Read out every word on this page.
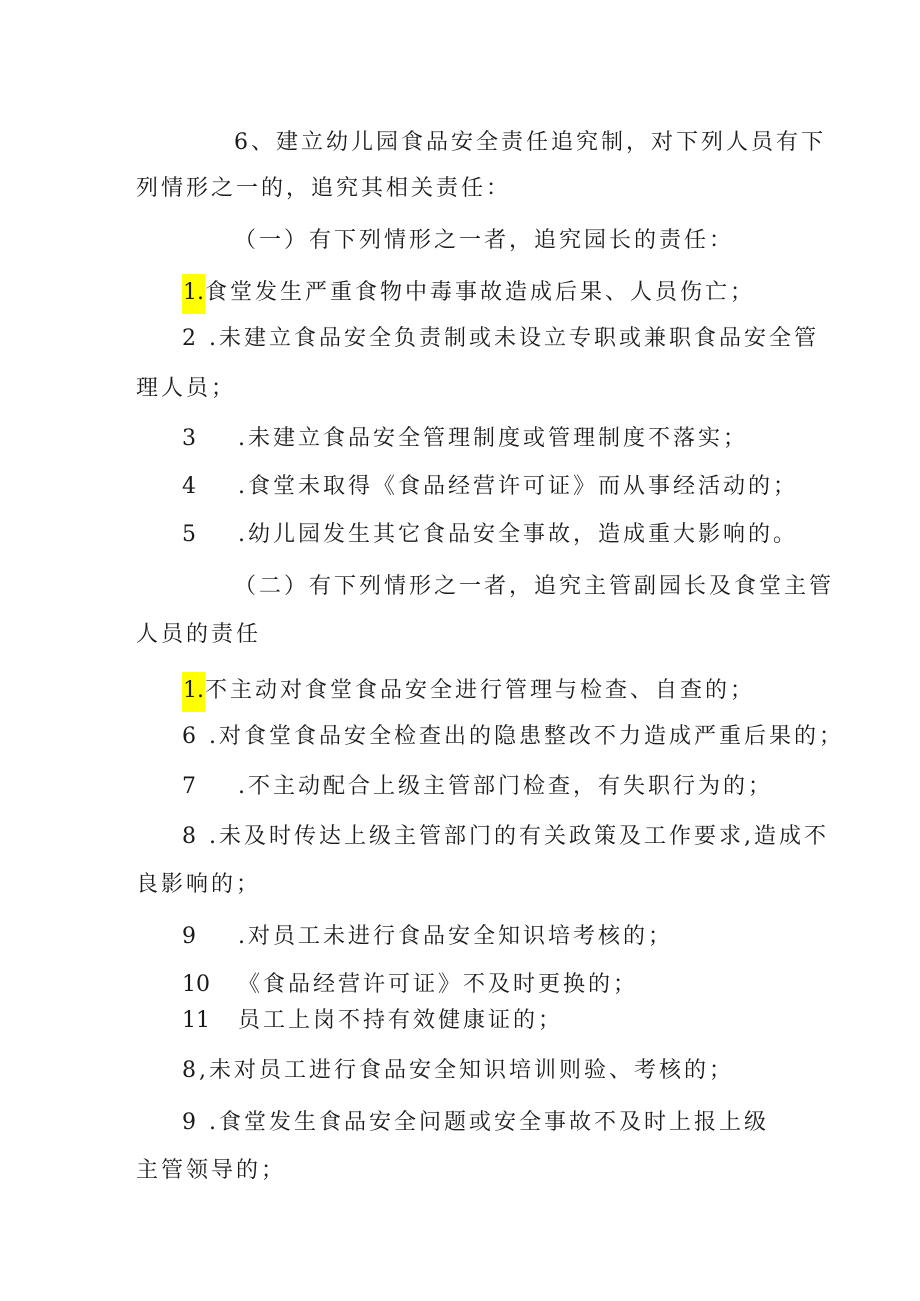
6、建立幼儿园食品安全责任追究制，对下列人员有下
列情形之一的，追究其相关责任：
（一）有下列情形之一者，追究园长的责任：
1.食堂发生严重食物中毒事故造成后果、人员伤亡；
2 .未建立食品安全负责制或未设立专职或兼职食品安全管
理人员；
3 .未建立食品安全管理制度或管理制度不落实；
4 .食堂未取得《食品经营许可证》而从事经活动的；
5 .幼儿园发生其它食品安全事故，造成重大影响的。
（二）有下列情形之一者，追究主管副园长及食堂主管
人员的责任
1.不主动对食堂食品安全进行管理与检查、自查的；
6 .对食堂食品安全检查出的隐患整改不力造成严重后果的；
7 .不主动配合上级主管部门检查，有失职行为的；
8 .未及时传达上级主管部门的有关政策及工作要求,造成不
良影响的；
9 .对员工未进行食品安全知识培考核的；
10 《食品经营许可证》不及时更换的；
11 员工上岗不持有效健康证的；
8,未对员工进行食品安全知识培训则验、考核的；
9 .食堂发生食品安全问题或安全事故不及时上报上级
主管领导的；
